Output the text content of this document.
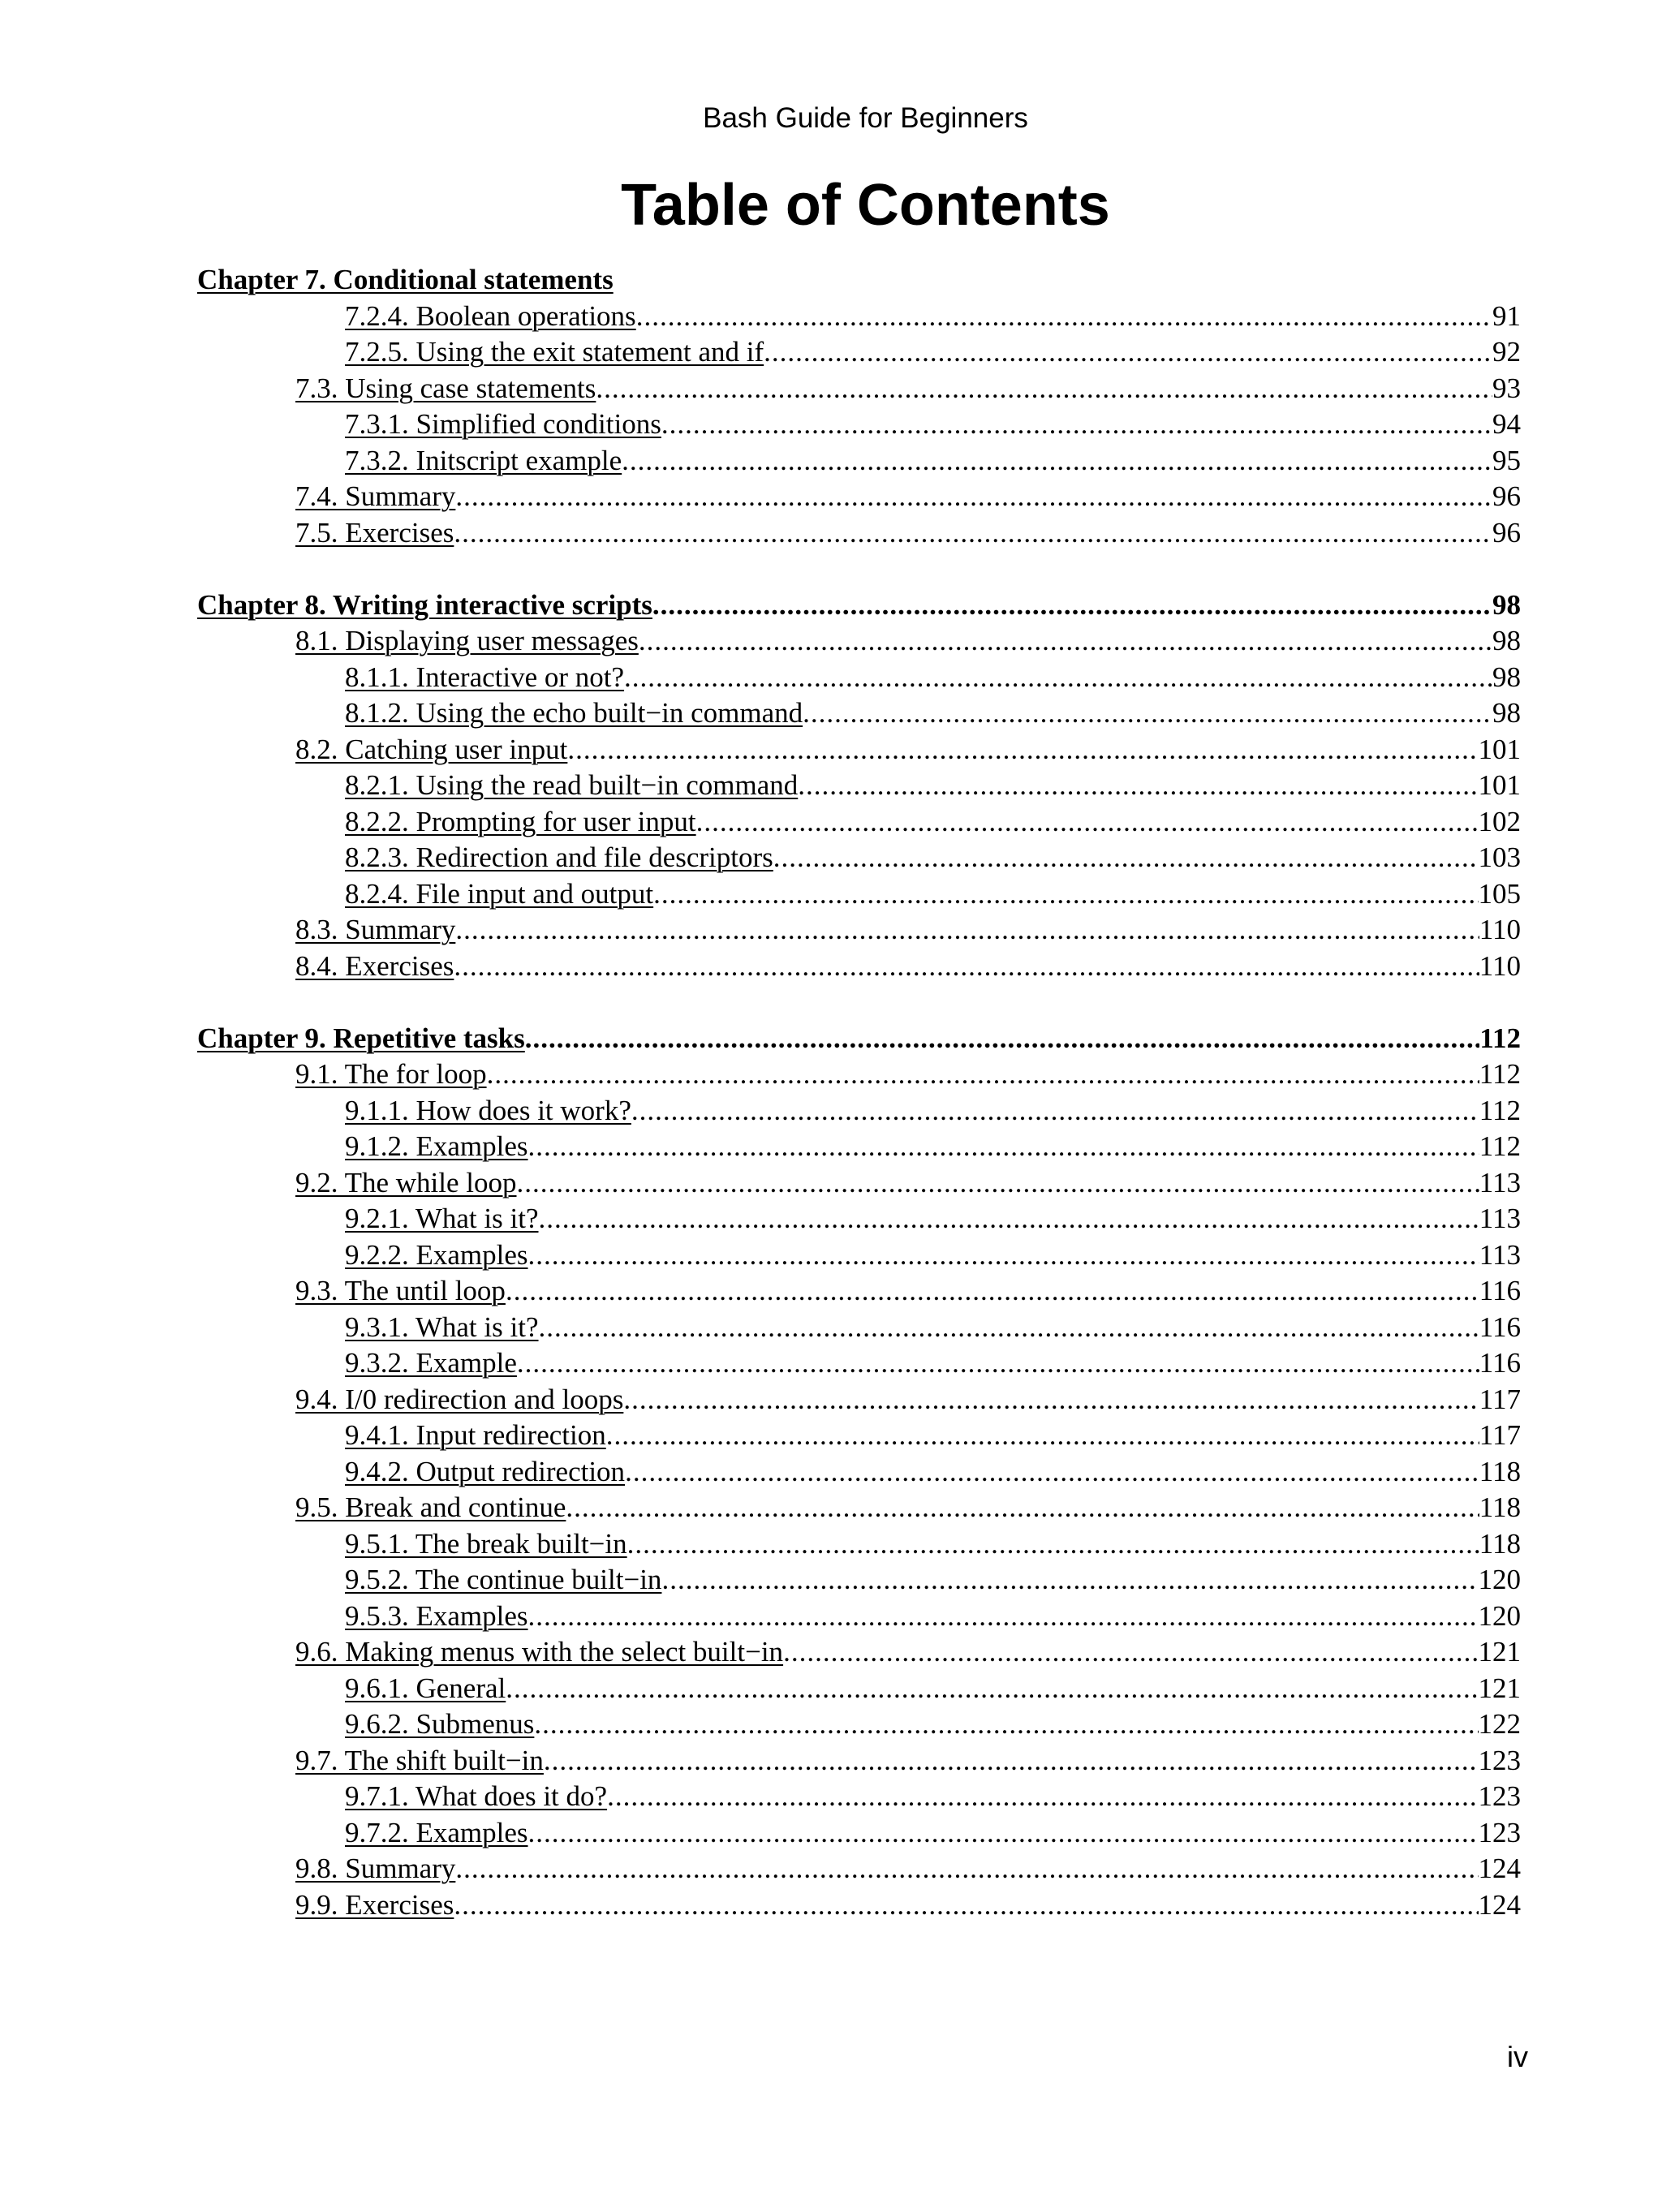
Bash Guide for Beginners
Table of Contents
Chapter 7. Conditional statements
7.2.4. Boolean operations .....	91
7.2.5. Using the exit statement and if .....	92
7.3. Using case statements .....	93
7.3.1. Simplified conditions .....	94
7.3.2. Initscript example .....	95
7.4. Summary .....	96
7.5. Exercises .....	96
Chapter 8. Writing interactive scripts .....	98
8.1. Displaying user messages .....	98
8.1.1. Interactive or not? .....	98
8.1.2. Using the echo built−in command .....	98
8.2. Catching user input .....	101
8.2.1. Using the read built−in command .....	101
8.2.2. Prompting for user input .....	102
8.2.3. Redirection and file descriptors .....	103
8.2.4. File input and output .....	105
8.3. Summary .....	110
8.4. Exercises .....	110
Chapter 9. Repetitive tasks .....	112
9.1. The for loop .....	112
9.1.1. How does it work? .....	112
9.1.2. Examples .....	112
9.2. The while loop .....	113
9.2.1. What is it? .....	113
9.2.2. Examples .....	113
9.3. The until loop .....	116
9.3.1. What is it? .....	116
9.3.2. Example .....	116
9.4. I/0 redirection and loops .....	117
9.4.1. Input redirection .....	117
9.4.2. Output redirection .....	118
9.5. Break and continue .....	118
9.5.1. The break built−in .....	118
9.5.2. The continue built−in .....	120
9.5.3. Examples .....	120
9.6. Making menus with the select built−in .....	121
9.6.1. General .....	121
9.6.2. Submenus .....	122
9.7. The shift built−in .....	123
9.7.1. What does it do? .....	123
9.7.2. Examples .....	123
9.8. Summary .....	124
9.9. Exercises .....	124
iv
